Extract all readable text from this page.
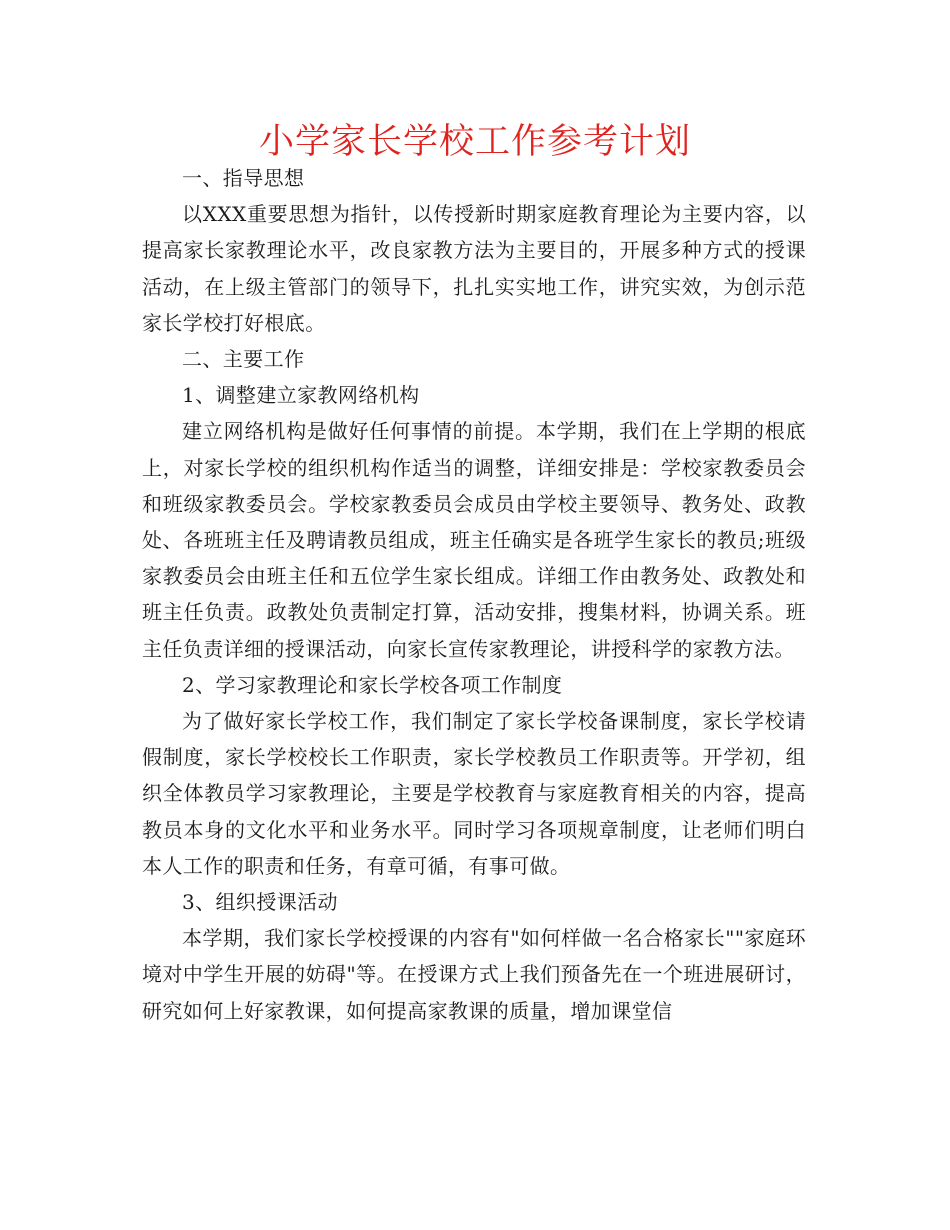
小学家长学校工作参考计划

一、指导思想

以XXX重要思想为指针，以传授新时期家庭教育理论为主要内容，以提高家长家教理论水平，改良家教方法为主要目的，开展多种方式的授课活动，在上级主管部门的领导下，扎扎实实地工作，讲究实效，为创示范家长学校打好根底。

二、主要工作

1、调整建立家教网络机构

建立网络机构是做好任何事情的前提。本学期，我们在上学期的根底上，对家长学校的组织机构作适当的调整，详细安排是：学校家教委员会和班级家教委员会。学校家教委员会成员由学校主要领导、教务处、政教处、各班班主任及聘请教员组成，班主任确实是各班学生家长的教员;班级家教委员会由班主任和五位学生家长组成。详细工作由教务处、政教处和班主任负责。政教处负责制定打算，活动安排，搜集材料，协调关系。班主任负责详细的授课活动，向家长宣传家教理论，讲授科学的家教方法。

2、学习家教理论和家长学校各项工作制度

为了做好家长学校工作，我们制定了家长学校备课制度，家长学校请假制度，家长学校校长工作职责，家长学校教员工作职责等。开学初，组织全体教员学习家教理论，主要是学校教育与家庭教育相关的内容，提高教员本身的文化水平和业务水平。同时学习各项规章制度，让老师们明白本人工作的职责和任务，有章可循，有事可做。

3、组织授课活动

本学期，我们家长学校授课的内容有"如何样做一名合格家长""家庭环境对中学生开展的妨碍"等。在授课方式上我们预备先在一个班进展研讨，研究如何上好家教课，如何提高家教课的质量，增加课堂信
